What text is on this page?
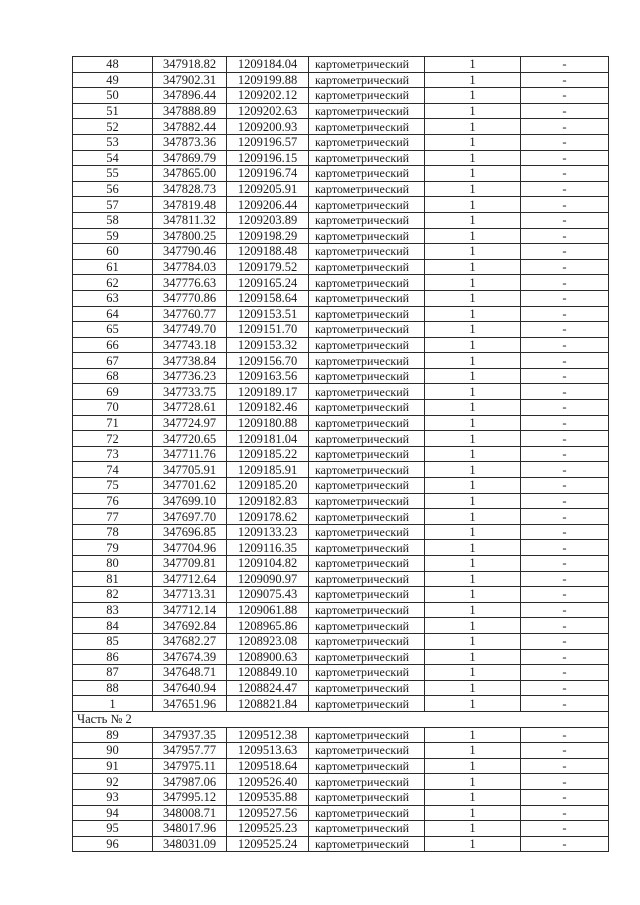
48	347918.82	1209184.04	картометрический	1	-
49	347902.31	1209199.88	картометрический	1	-
50	347896.44	1209202.12	картометрический	1	-
51	347888.89	1209202.63	картометрический	1	-
52	347882.44	1209200.93	картометрический	1	-
53	347873.36	1209196.57	картометрический	1	-
54	347869.79	1209196.15	картометрический	1	-
55	347865.00	1209196.74	картометрический	1	-
56	347828.73	1209205.91	картометрический	1	-
57	347819.48	1209206.44	картометрический	1	-
58	347811.32	1209203.89	картометрический	1	-
59	347800.25	1209198.29	картометрический	1	-
60	347790.46	1209188.48	картометрический	1	-
61	347784.03	1209179.52	картометрический	1	-
62	347776.63	1209165.24	картометрический	1	-
63	347770.86	1209158.64	картометрический	1	-
64	347760.77	1209153.51	картометрический	1	-
65	347749.70	1209151.70	картометрический	1	-
66	347743.18	1209153.32	картометрический	1	-
67	347738.84	1209156.70	картометрический	1	-
68	347736.23	1209163.56	картометрический	1	-
69	347733.75	1209189.17	картометрический	1	-
70	347728.61	1209182.46	картометрический	1	-
71	347724.97	1209180.88	картометрический	1	-
72	347720.65	1209181.04	картометрический	1	-
73	347711.76	1209185.22	картометрический	1	-
74	347705.91	1209185.91	картометрический	1	-
75	347701.62	1209185.20	картометрический	1	-
76	347699.10	1209182.83	картометрический	1	-
77	347697.70	1209178.62	картометрический	1	-
78	347696.85	1209133.23	картометрический	1	-
79	347704.96	1209116.35	картометрический	1	-
80	347709.81	1209104.82	картометрический	1	-
81	347712.64	1209090.97	картометрический	1	-
82	347713.31	1209075.43	картометрический	1	-
83	347712.14	1209061.88	картометрический	1	-
84	347692.84	1208965.86	картометрический	1	-
85	347682.27	1208923.08	картометрический	1	-
86	347674.39	1208900.63	картометрический	1	-
87	347648.71	1208849.10	картометрический	1	-
88	347640.94	1208824.47	картометрический	1	-
1	347651.96	1208821.84	картометрический	1	-
Часть № 2					
89	347937.35	1209512.38	картометрический	1	-
90	347957.77	1209513.63	картометрический	1	-
91	347975.11	1209518.64	картометрический	1	-
92	347987.06	1209526.40	картометрический	1	-
93	347995.12	1209535.88	картометрический	1	-
94	348008.71	1209527.56	картометрический	1	-
95	348017.96	1209525.23	картометрический	1	-
96	348031.09	1209525.24	картометрический	1	-
